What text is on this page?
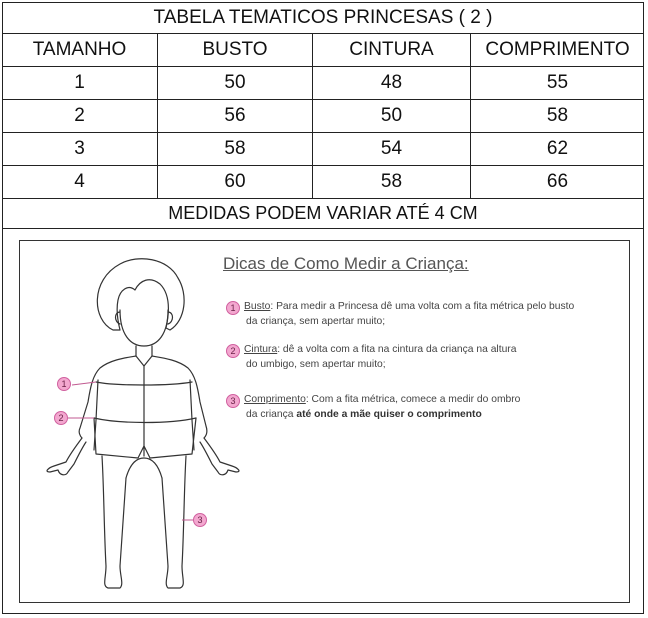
TABELA TEMATICOS PRINCESAS ( 2 )
TAMANHO	BUSTO	CINTURA	COMPRIMENTO
1	50	48	55
2	56	50	58
3	58	54	62
4	60	58	66
MEDIDAS PODEM VARIAR ATÉ 4 CM
1
2
3
Dicas de Como Medir a Criança:
1 Busto: Para medir a Princesa dê uma volta com a fita métrica pelo busto
da criança, sem apertar muito;
2 Cintura: dê a volta com a fita na cintura da criança na altura
do umbigo, sem apertar muito;
3 Comprimento: Com a fita métrica, comece a medir do ombro
da criança até onde a mãe quiser o comprimento
